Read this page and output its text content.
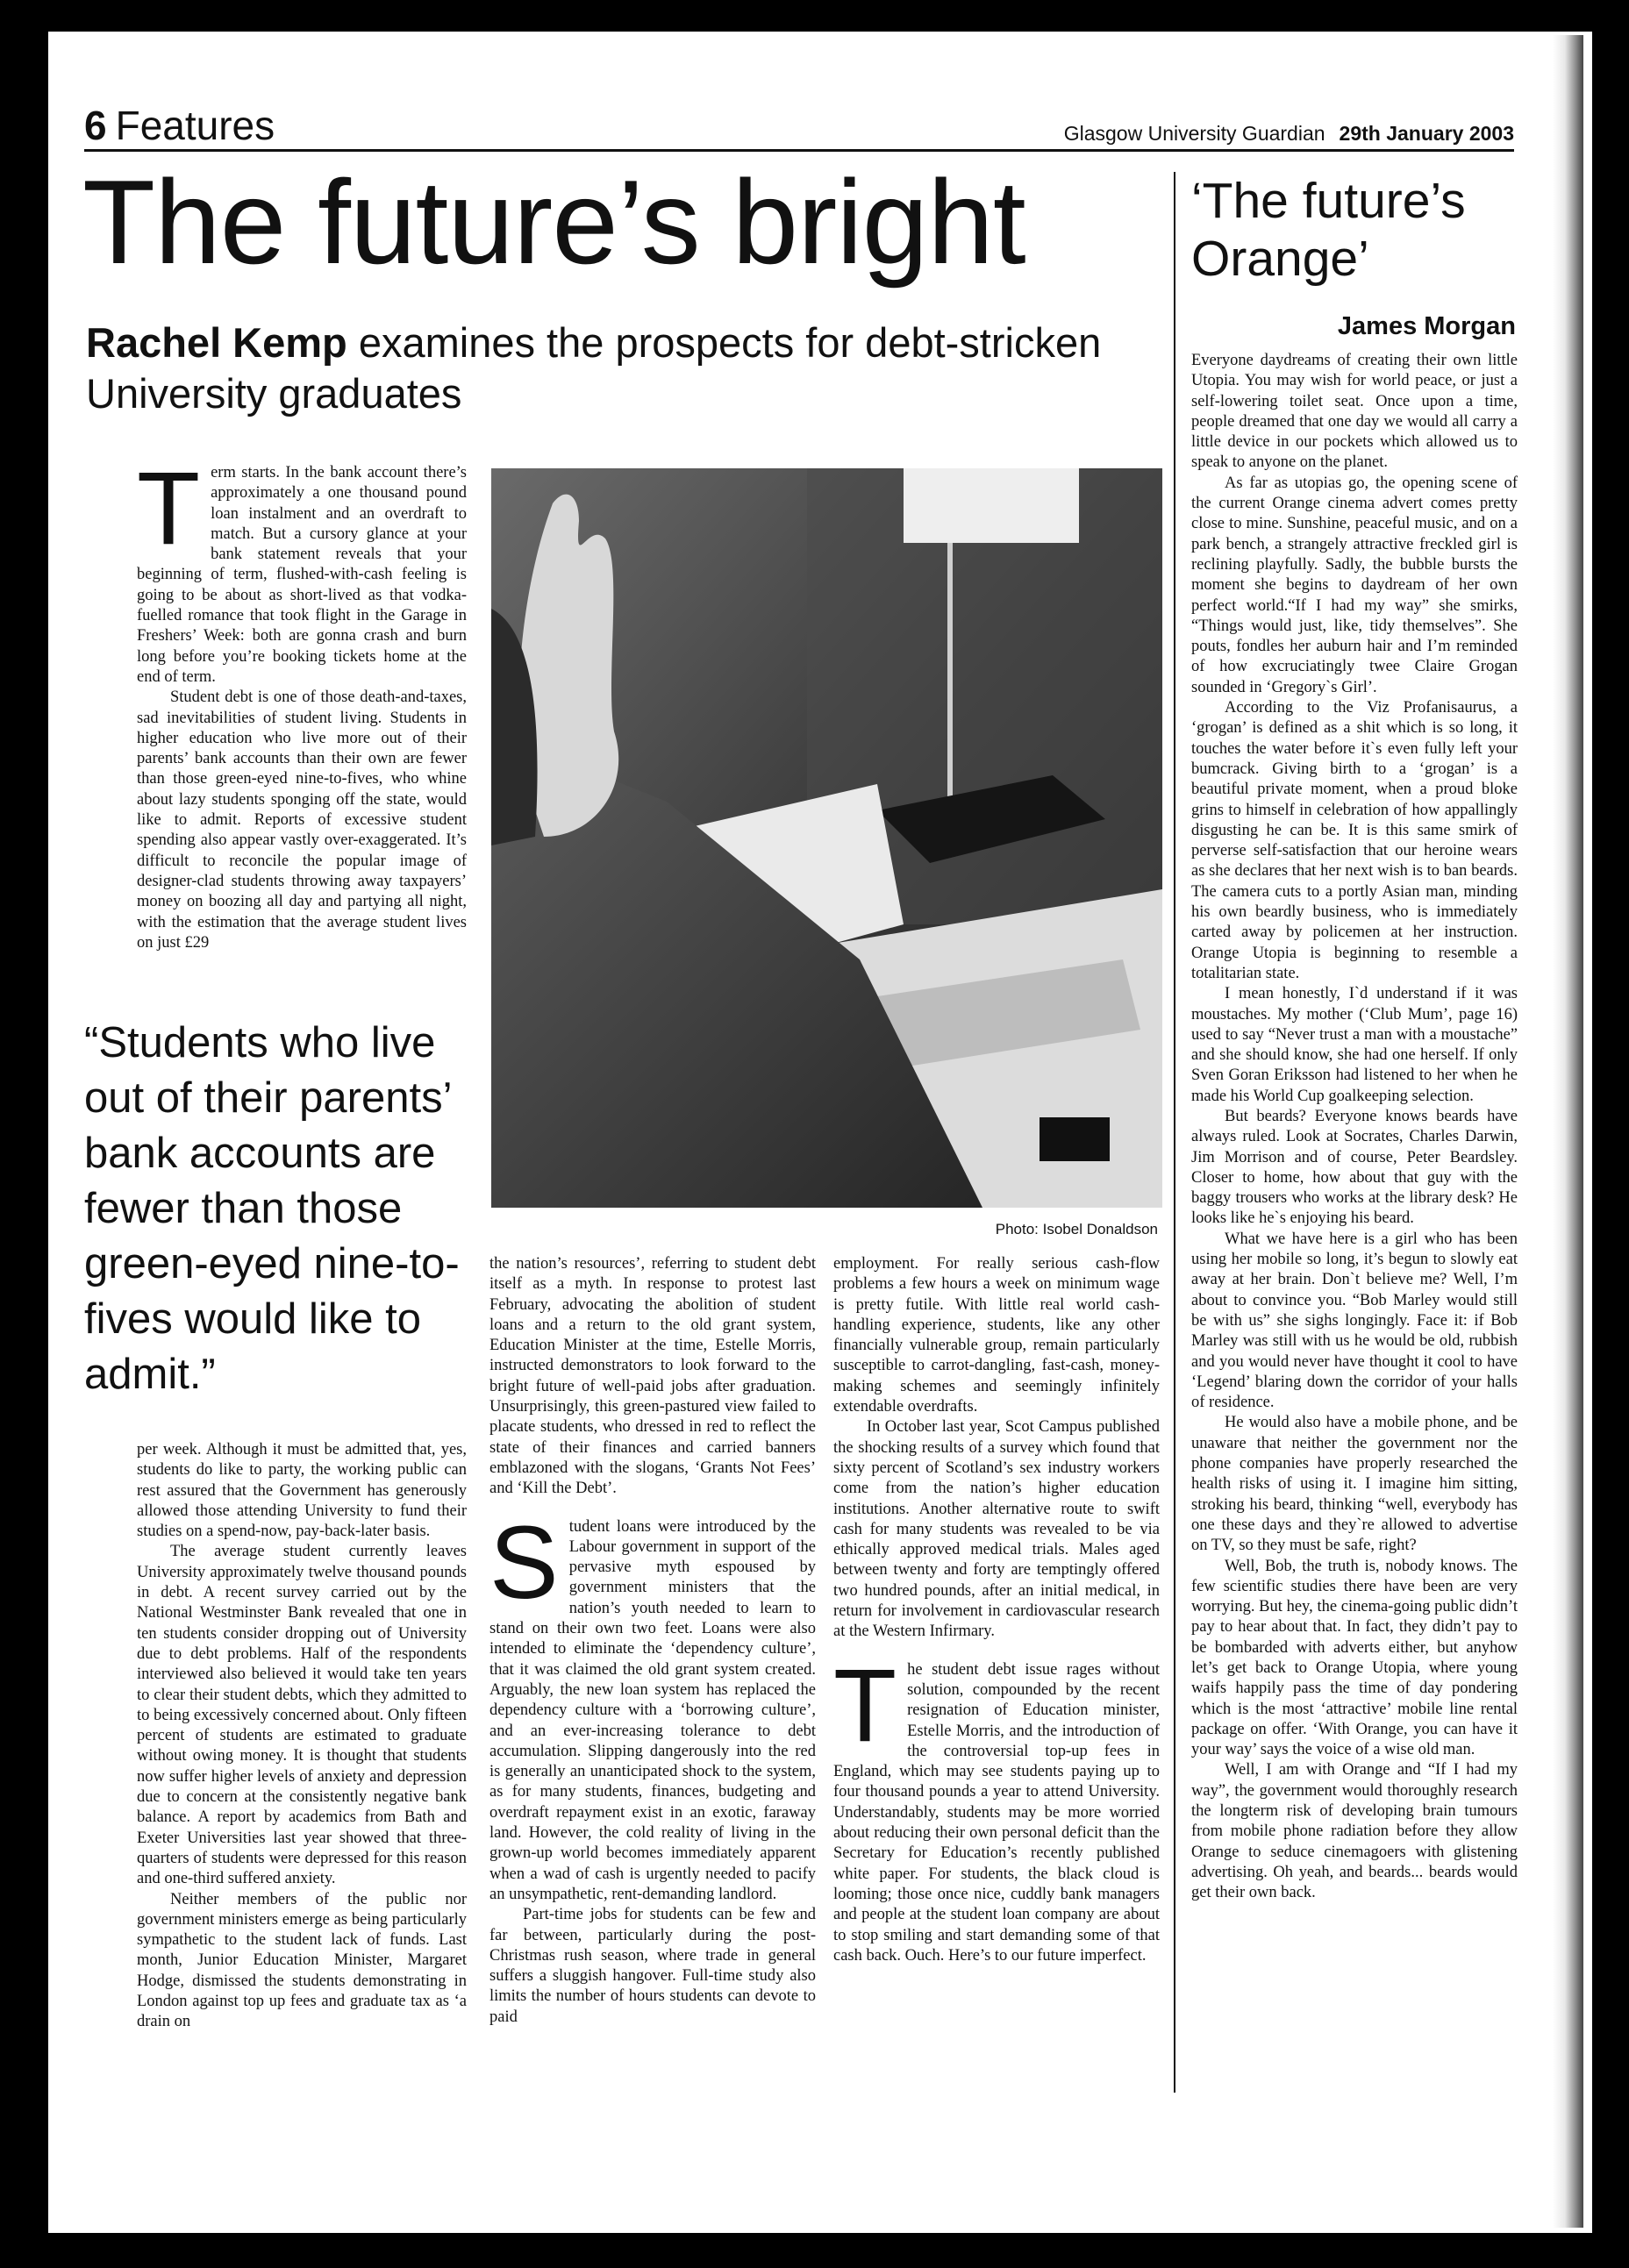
6 Features	Glasgow University Guardian 29th January 2003
The future’s bright
Rachel Kemp examines the prospects for debt-stricken University graduates

Term starts. In the bank account there’s approximately a one thousand pound loan instalment and an overdraft to match. But a cursory glance at your bank statement reveals that your beginning of term, flushed-with-cash feeling is going to be about as short-lived as that vodka-fuelled romance that took flight in the Garage in Freshers’ Week: both are gonna crash and burn long before you’re booking tickets home at the end of term.

Student debt is one of those death-and-taxes, sad inevitabilities of student living. Students in higher education who live more out of their parents’ bank accounts than their own are fewer than those green-eyed nine-to-fives, who whine about lazy students sponging off the state, would like to admit. Reports of excessive student spending also appear vastly over-exaggerated. It’s difficult to reconcile the popular image of designer-clad students throwing away taxpayers’ money on boozing all day and partying all night, with the estimation that the average student lives on just £29

“Students who live out of their parents’ bank accounts are fewer than those green-eyed nine-to-fives would like to admit.”

per week. Although it must be admitted that, yes, students do like to party, the working public can rest assured that the Government has generously allowed those attending University to fund their studies on a spend-now, pay-back-later basis.

The average student currently leaves University approximately twelve thousand pounds in debt. A recent survey carried out by the National Westminster Bank revealed that one in ten students consider dropping out of University due to debt problems. Half of the respondents interviewed also believed it would take ten years to clear their student debts, which they admitted to to being excessively concerned about. Only fifteen percent of students are estimated to graduate without owing money. It is thought that students now suffer higher levels of anxiety and depression due to concern at the consistently negative bank balance. A report by academics from Bath and Exeter Universities last year showed that three-quarters of students were depressed for this reason and one-third suffered anxiety.

Neither members of the public nor government ministers emerge as being particularly sympathetic to the student lack of funds. Last month, Junior Education Minister, Margaret Hodge, dismissed the students demonstrating in London against top up fees and graduate tax as ‘a drain on

Photo: Isobel Donaldson

the nation’s resources’, referring to student debt itself as a myth. In response to protest last February, advocating the abolition of student loans and a return to the old grant system, Education Minister at the time, Estelle Morris, instructed demonstrators to look forward to the bright future of well-paid jobs after graduation. Unsurprisingly, this green-pastured view failed to placate students, who dressed in red to reflect the state of their finances and carried banners emblazoned with the slogans, ‘Grants Not Fees’ and ‘Kill the Debt’.

Student loans were introduced by the Labour government in support of the pervasive myth espoused by government ministers that the nation’s youth needed to learn to stand on their own two feet. Loans were also intended to eliminate the ‘dependency culture’, that it was claimed the old grant system created. Arguably, the new loan system has replaced the dependency culture with a ‘borrowing culture’, and an ever-increasing tolerance to debt accumulation. Slipping dangerously into the red is generally an unanticipated shock to the system, as for many students, finances, budgeting and overdraft repayment exist in an exotic, faraway land. However, the cold reality of living in the grown-up world becomes immediately apparent when a wad of cash is urgently needed to pacify an unsympathetic, rent-demanding landlord.

Part-time jobs for students can be few and far between, particularly during the post-Christmas rush season, where trade in general suffers a sluggish hangover. Full-time study also limits the number of hours students can devote to paid

employment. For really serious cash-flow problems a few hours a week on minimum wage is pretty futile. With little real world cash-handling experience, students, like any other financially vulnerable group, remain particularly susceptible to carrot-dangling, fast-cash, money-making schemes and seemingly infinitely extendable overdrafts.

In October last year, Scot Campus published the shocking results of a survey which found that sixty percent of Scotland’s sex industry workers come from the nation’s higher education institutions. Another alternative route to swift cash for many students was revealed to be via ethically approved medical trials. Males aged between twenty and forty are temptingly offered two hundred pounds, after an initial medical, in return for involvement in cardiovascular research at the Western Infirmary.

The student debt issue rages without solution, compounded by the recent resignation of Education minister, Estelle Morris, and the introduction of the controversial top-up fees in England, which may see students paying up to four thousand pounds a year to attend University. Understandably, students may be more worried about reducing their own personal deficit than the Secretary for Education’s recently published white paper. For students, the black cloud is looming; those once nice, cuddly bank managers and people at the student loan company are about to stop smiling and start demanding some of that cash back. Ouch. Here’s to our future imperfect.

‘The future’s Orange’
James Morgan

Everyone daydreams of creating their own little Utopia. You may wish for world peace, or just a self-lowering toilet seat. Once upon a time, people dreamed that one day we would all carry a little device in our pockets which allowed us to speak to anyone on the planet.

As far as utopias go, the opening scene of the current Orange cinema advert comes pretty close to mine. Sunshine, peaceful music, and on a park bench, a strangely attractive freckled girl is reclining playfully. Sadly, the bubble bursts the moment she begins to daydream of her own perfect world.“If I had my way” she smirks, “Things would just, like, tidy themselves”. She pouts, fondles her auburn hair and I’m reminded of how excruciatingly twee Claire Grogan sounded in ‘Gregory`s Girl’.

According to the Viz Profanisaurus, a ‘grogan’ is defined as a shit which is so long, it touches the water before it`s even fully left your bumcrack. Giving birth to a ‘grogan’ is a beautiful private moment, when a proud bloke grins to himself in celebration of how appallingly disgusting he can be. It is this same smirk of perverse self-satisfaction that our heroine wears as she declares that her next wish is to ban beards. The camera cuts to a portly Asian man, minding his own beardly business, who is immediately carted away by policemen at her instruction. Orange Utopia is beginning to resemble a totalitarian state.

I mean honestly, I`d understand if it was moustaches. My mother (‘Club Mum’, page 16) used to say “Never trust a man with a moustache” and she should know, she had one herself. If only Sven Goran Eriksson had listened to her when he made his World Cup goalkeeping selection.

But beards? Everyone knows beards have always ruled. Look at Socrates, Charles Darwin, Jim Morrison and of course, Peter Beardsley. Closer to home, how about that guy with the baggy trousers who works at the library desk? He looks like he`s enjoying his beard.

What we have here is a girl who has been using her mobile so long, it’s begun to slowly eat away at her brain. Don`t believe me? Well, I’m about to convince you. “Bob Marley would still be with us” she sighs longingly. Face it: if Bob Marley was still with us he would be old, rubbish and you would never have thought it cool to have ‘Legend’ blaring down the corridor of your halls of residence.

He would also have a mobile phone, and be unaware that neither the government nor the phone companies have properly researched the health risks of using it. I imagine him sitting, stroking his beard, thinking “well, everybody has one these days and they`re allowed to advertise on TV, so they must be safe, right?

Well, Bob, the truth is, nobody knows. The few scientific studies there have been are very worrying. But hey, the cinema-going public didn’t pay to hear about that. In fact, they didn’t pay to be bombarded with adverts either, but anyhow let’s get back to Orange Utopia, where young waifs happily pass the time of day pondering which is the most ‘attractive’ mobile line rental package on offer. ‘With Orange, you can have it your way’ says the voice of a wise old man.

Well, I am with Orange and “If I had my way”, the government would thoroughly research the longterm risk of developing brain tumours from mobile phone radiation before they allow Orange to seduce cinemagoers with glistening advertising. Oh yeah, and beards... beards would get their own back.
